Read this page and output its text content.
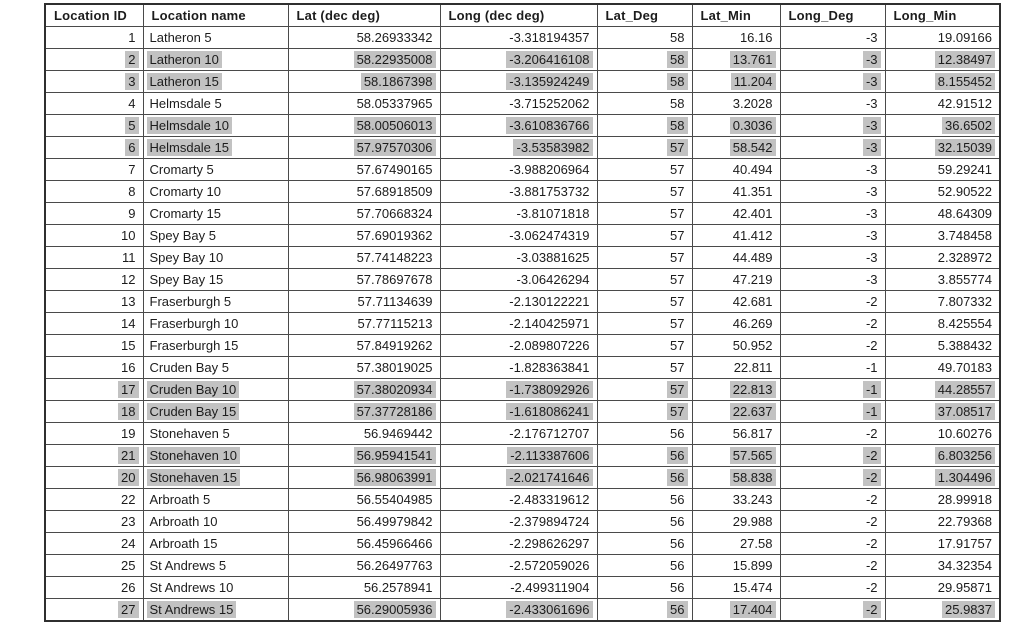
Location ID	Location name	Lat (dec deg)	Long (dec deg)	Lat_Deg	Lat_Min	Long_Deg	Long_Min
1	Latheron 5	58.26933342	-3.318194357	58	16.16	-3	19.09166
2	Latheron 10	58.22935008	-3.206416108	58	13.761	-3	12.38497
3	Latheron 15	58.1867398	-3.135924249	58	11.204	-3	8.155452
4	Helmsdale 5	58.05337965	-3.715252062	58	3.2028	-3	42.91512
5	Helmsdale 10	58.00506013	-3.610836766	58	0.3036	-3	36.6502
6	Helmsdale 15	57.97570306	-3.53583982	57	58.542	-3	32.15039
7	Cromarty 5	57.67490165	-3.988206964	57	40.494	-3	59.29241
8	Cromarty 10	57.68918509	-3.881753732	57	41.351	-3	52.90522
9	Cromarty 15	57.70668324	-3.81071818	57	42.401	-3	48.64309
10	Spey Bay 5	57.69019362	-3.062474319	57	41.412	-3	3.748458
11	Spey Bay 10	57.74148223	-3.03881625	57	44.489	-3	2.328972
12	Spey Bay 15	57.78697678	-3.06426294	57	47.219	-3	3.855774
13	Fraserburgh 5	57.71134639	-2.130122221	57	42.681	-2	7.807332
14	Fraserburgh 10	57.77115213	-2.140425971	57	46.269	-2	8.425554
15	Fraserburgh 15	57.84919262	-2.089807226	57	50.952	-2	5.388432
16	Cruden Bay 5	57.38019025	-1.828363841	57	22.811	-1	49.70183
17	Cruden Bay 10	57.38020934	-1.738092926	57	22.813	-1	44.28557
18	Cruden Bay 15	57.37728186	-1.618086241	57	22.637	-1	37.08517
19	Stonehaven 5	56.9469442	-2.176712707	56	56.817	-2	10.60276
21	Stonehaven 10	56.95941541	-2.113387606	56	57.565	-2	6.803256
20	Stonehaven 15	56.98063991	-2.021741646	56	58.838	-2	1.304496
22	Arbroath 5	56.55404985	-2.483319612	56	33.243	-2	28.99918
23	Arbroath 10	56.49979842	-2.379894724	56	29.988	-2	22.79368
24	Arbroath 15	56.45966466	-2.298626297	56	27.58	-2	17.91757
25	St Andrews 5	56.26497763	-2.572059026	56	15.899	-2	34.32354
26	St Andrews 10	56.2578941	-2.499311904	56	15.474	-2	29.95871
27	St Andrews 15	56.29005936	-2.433061696	56	17.404	-2	25.9837
